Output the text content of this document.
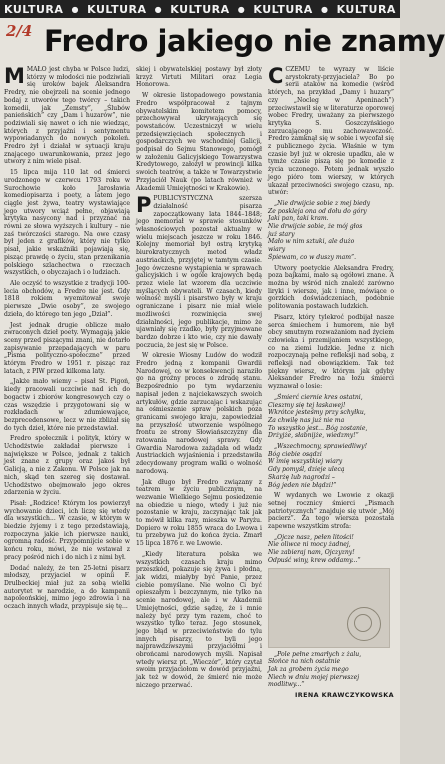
KULTURA ● KULTURA ● KULTURA ● KULTURA ● KULTURA
2/4 Fredro jakiego nie znamy

MMAŁO jest chyba w Polsce ludzi, którzy w młodości nie podziwiali się uroków bajek Aleksandra Fredry, nie obejrzeli na scenie jednego bodaj z utworów tego twórcy – takich komedii, jak „Zemsty”, „Ślubów panieńskich” czy „Dam i huzarów”, nie podziwiali się nawet o ich nie wiedząc, których z przyjaźni i sentymentu wypowiadanych do nowych pokoleń. Fredro żył i działał w sytuacji kraju znającego uwarunkowania, przez jego utwory z nim wiele pisał.

15 lipca mija 110 lat od śmierci urodzonego w czerwcu 1793 roku w Surochowie koło Jarosławia komediopisarza i poety, a latem jego ciągle jest żywa, teatry wystawiające jego utwory wciąż pełne, objawiają krytyka nasycony nad i przyznać na równi ze słowa wyższych i kultury – nie zaś twórczości starego. Na owe czasy był jeden z grafików, który nie tylko pisał, jakie wskaźniki pojawiają się, pisząc prawdę o życiu, stan przenikania polskiego szlachectwa o rzeczach wszystkich, o obyczajach i o ludziach.

Ale oczyść to wszystkie z tradycji 100-lecia obchodów, a Fredro nie jest. Gdy 1818 rokiem wyemitował swoje pierwsze „Dwie osoby”, ze swojego dzieła, do którego ten jego „Dział”.

Jest jednak drugie oblicze mało zwraconych dzieł poety. Wymagają jakie sceny przed piszącymi znani, nie dotarło zapisywanie przepadających w paru „Pisma polityczno-społeczne” przed którym Fredro w 1951 r. pisząc raz latach, z PIW przed kilkoma laty.

„Jakże mało wiemy – pisał St. Pigoń, kiedy pracowali uczciwie nad ich do bogactw i zbiorów kongresowych czy o czas wszędzie i przygotowani się w rozkładach w zdumiewające, bezprecedensowe, lecz w nie zbliżał się do tych dzieł, które nie przedstawiał.

Fredro społecznik i polityk, który w Uchodźstwie zakładał pierwsze i największe w Polsce, jednak z takich jest znane z grupy oraz jakoś był Galicją, a nie z Zakonu. W Polsce jak na nich, skąd ten szereg się dostawał. Uchodźstwo obejmowało jego okres zdarzenia w życiu.

Pisał: „Rodzice! Którym los powierzył wychowanie dzieci, ich liczę się wtedy dla wszystkich... W czasie, w którym w biedzie żyjemy i z tego przedstawiają, rozpoczyna jakie ich pierwsze nauki, ogromną radość. Przypomnijcie sobie w końcu roku, mówi, że nie wstawał z pracy pośród nich i do nich i z nimi był.

Dodać należy, że ten 25-letni pisarz młodszy, przyjaciel w opinii F. Drulbeckiej miał już za sobą wielki autorytet w narodzie, a do kampanii napoleońskiej, mimo jego zdrowia i na oczach innych władz, przypisuje się tę...

skiej i obywatelskiej postawy był złoty krzyż Virtuti Militari oraz Legia Honorowa.

W okresie listopadowego powstania Fredro współpracował z tajnym obywatelskim komitetem pomocy, przechowywał ukrywających się powstańców. Uczestniczył w wielu przedsięwzięciach społecznych i gospodarczych we wschodniej Galicji, podpisał do Sejmu Stanowego, pomógł w założeniu Galicyjskiego Towarzystwa Kredytowego, założył w prowincji kilka swoich teatrów, a także w Towarzystwie Przyjaciół Nauk (po latach również w Akademii Umiejętności w Krakowie).

PPUBLICYSTYCZNA szersza działalność pisarza zapoczątkowany lata 1844–1848; jego memoriał w sprawie stosunków własnościowych pozostał aktualny w wielu miejscach jeszcze w roku 1846. Kolejny memoriał był ostrą krytyką biurokratycznych metod władz austriackich, przyjętej w tamtym czasie. Jego ówczesne wystąpienia w sprawach galicyjskich i w ogóle krajowych będą przez wiele lat wzorem dla uczciwie myślących obywateli. W czasach, kiedy wolność myśli i pisarstwo były w kraju ograniczane i pisarz nie miał wiele możliwości rozwinięcia swej działalności, jego publikacje, mimo że ujawniały się rzadko, były przyjmowane bardzo dobrze i kto wie, czy nie dawały poczucia, że jest się w Polsce.

W okresie Wiosny Ludów do wodził Fredro jedną z kompanii Gwardii Narodowej, co w konsekwencji naraziło go na groźny proces o zdradę stanu. Bezpośrednio po tym wydarzeniu napisał jeden z najciekawszych swoich artykułów, gdzie zarzucając i wskazując na ośmieszenie spraw polskich poza granicami swojego kraju, zapowiedział na przyszłość utworzenie wspólnego frontu ze strony Słowiańszczyzny dla ratowania narodowej sprawy. Gdy Gwardia Narodowa zażądała od władz Austriackich wyjaśnienia i przedstawiła zdecydowany program walki o wolność narodową.

Jak długo był Fredro związany z teatrem w życiu publicznym, na wezwanie Wielkiego Sejmu posiedzenie na obiedzie u niego, wtedy i już nie pozostanie w kraju, zaczynając tak jak to mówił kilka razy, mieszka w Paryżu. Dopiero w roku 1855 wraca do Lwowa i tu przebywa już do końca życia. Zmarł 15 lipca 1876 r. we Lwowie.

„Kiedy literatura polska we wszystkich czasach kraju mimo przeszkód, pokazuje się żywa i płodna, jak widzi, miałyby być Panie, przez ciebie pomyślane. Nie wolno Ci być opieszałym i bezczynnym, nie tylko na scenie narodowej, ale i w Akademii Umiejętności, gdzie sądzę, że i mnie należy być przy tym razem, choć to wszystko tylko teraz. Jego stosunek, jego błąd w przeciwieństwie do tylu innych pisarzy, to byli jego najprawdziwszymi przyjaciółmi i obrońcami narodowych myśli. Napisał wtedy wiersz pt. „Wieczór”, który czytał swoim przyjaciołom w dowód przyjaźni, jak też w dowód, że śmierć nie może niczego przerwać.

CCZEMU te wyrazy w liście arystokraty-przyjaciela? Bo po serii ataków na komedie (wśród których, na przykład „Damy i huzary” czy „Nocleg w Apeninach”) przeciwstawił się w literaturze oporowej wobec Fredry, uważany za pierwszego krytyka S. Goszczyńskiego zarzucającego mu zachowawczość. Fredro zamknął się w sobie i wycofał się z publicznego życia. Właśnie w tym czasie był już w okresie upadku, ale w tymże czasie piszą się po komedie z życia uczonego. Potem jednak wyszło jego pióro tom wierszy, w których ukazał przeciwności swojego czasu, np. utwór:

„Nie drwijcie sobie z mej biedy
Ze poskleja ona od dołu do góry
Jaki pan, taki kram.
Nie drwijcie sobie, że mój głos
już stary
Mało w nim sztuki, ale dużo
wiary
Śpiewam, co w duszy mam”.

Utwory poetyckie Aleksandra Fredry, poza bajkami, mało są ogółowi znane. A można by wśród nich znaleźć zarówno liryki i wiersze, jak i inne, mówiące o gorzkich doświadczeniach, podobnie politowania postawach ludzkich.

Pisarz, który tylekroć podbijał nasze serca śmiechem i humorem, nie był obcy smutnym rozważaniom nad życiem człowieka i przemijaniem wszystkiego, co na ziemi ludzkie. Jedne z nich rozpoczynają pełne refleksji nad sobą, z refleksji nad obowiązkiem. Tak też piękny wiersz, w którym jak gdyby Aleksander Fredro na łożu śmierci wyznawał o losie:

„Śmierć ciernie kres ostatni,
Cieszmy się tej łaskawej!
Wkrótce jesteśmy przy schyłku,
Za chwilę nas już nie ma
To wszystko jest... Bóg zostanie,
Drżyjże, słabnijże, wiedzmy!”

„Wszechmocny, sprawiedliwy!
Bóg ciebie osądzi
W imię wszystkiej wiary
Gdy pomyśl, dzieje ulecą
Skarżę lub nagrodzi –
Bóg jeden nie błądzi!”

W wydanych we Lwowie z okazji setnej rocznicy śmierci „Pismach patriotycznych” znajduje się utwór „Mój pacierz”. Za tego wiersza pozostała zapewne wszystkim strofa:

„Ojcze nasz, pełen litości!
Nie oliwce ni mocy żadnej,
Nie zabieraj nam, Ojczyzny!
Odpuść winy, krew oddamy...”

„Pole pełne zmarłych z żalu,
Słońce na nich ostatnie
Jak za grobem życia mego
Niech w dniu mojej pierwszej
modlitwy...”

IRENA KRAWCZYKOWSKA
